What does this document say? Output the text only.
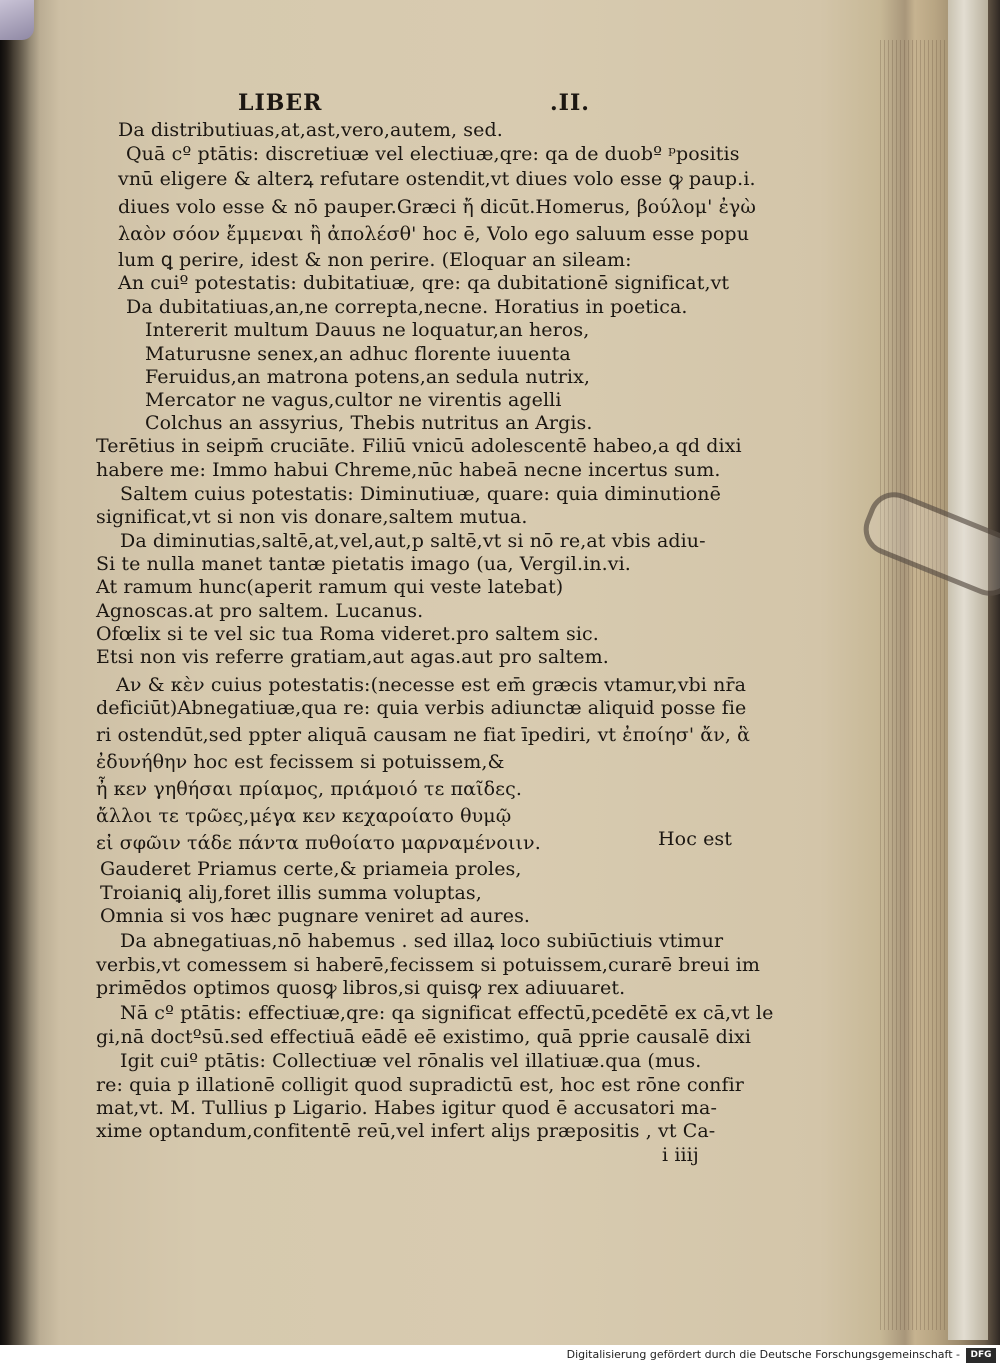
LIBER	.II.
Da distributiuas,at,ast,vero,autem, sed.
Quā cº ptātis: discretiuæ vel electiuæ,qre: qa de duobº ᵖpositis
vnū eligere & alterꝝ refutare ostendit,vt diues volo esse ꝙ paup.i.
diues volo esse & nō pauper.Græci ἤ dicūt.Homerus, βούλομ' ἐγὼ
λαὸν σόον ἔμμεναι ἢ ἀπολέσθ' hoc ē, Volo ego saluum esse popu
lum ꝗ perire, idest & non perire. (Eloquar an sileam:
An cuiº potestatis: dubitatiuæ, qre: qa dubitationē significat,vt
Da dubitatiuas,an,ne correpta,necne. Horatius in poetica.
Intererit multum Dauus ne loquatur,an heros,
Maturusne senex,an adhuc florente iuuenta
Feruidus,an matrona potens,an sedula nutrix,
Mercator ne vagus,cultor ne virentis agelli
Colchus an assyrius, Thebis nutritus an Argis.
Terētius in seipm̄ cruciāte. Filiū vnicū adolescentē habeo,a qd dixi
habere me: Immo habui Chreme,nūc habeā necne incertus sum.
Saltem cuius potestatis: Diminutiuæ, quare: quia diminutionē
significat,vt si non vis donare,saltem mutua.
Da diminutias,saltē,at,vel,aut,p saltē,vt si nō re,at vbis adiu-
Si te nulla manet tantæ pietatis imago (ua, Vergil.in.vi.
At ramum hunc(aperit ramum qui veste latebat)
Agnoscas.at pro saltem. Lucanus.
Ofœlix si te vel sic tua Roma videret.pro saltem sic.
Etsi non vis referre gratiam,aut agas.aut pro saltem.
Αν & κὲν cuius potestatis:(necesse est em̄ græcis vtamur,vbi nr̄a
deficiūt)Abnegatiuæ,qua re: quia verbis adiunctæ aliquid posse fie
ri ostendūt,sed ppter aliquā causam ne fiat īpediri, vt ἐποίησ' ἄν, ἃ
ἐδυνήθην hoc est fecissem si potuissem,&
ἦ κεν γηθήσαι πρίαμος, πριάμοιό τε παῖδες.
ἄλλοι τε τρῶες,μέγα κεν κεχαροίατο θυμῷ
εἰ σφῶιν τάδε πάντα πυθοίατο μαρναμένοιιν.	Hoc est
Gauderet Priamus certe,& priameia proles,
Troianiꝗ aliȷ,foret illis summa voluptas,
Omnia si vos hæc pugnare veniret ad aures.
Da abnegatiuas,nō habemus . sed illaꝝ loco subiūctiuis vtimur
verbis,vt comessem si haberē,fecissem si potuissem,curarē breui im
primēdos optimos quosꝙ libros,si quisꝙ rex adiuuaret.
Nā cº ptātis: effectiuæ,qre: qa significat effectū,pcedētē ex cā,vt le
gi,nā doctºsū.sed effectiuā eādē eē existimo, quā pprie causalē dixi
Igit cuiº ptātis: Collectiuæ vel rōnalis vel illatiuæ.qua (mus.
re: quia p illationē colligit quod supradictū est, hoc est rōne confir
mat,vt. M. Tullius p Ligario. Habes igitur quod ē accusatori ma-
xime optandum,confitentē reū,vel infert aliȷs præpositis , vt Ca-
i iiij
Digitalisierung gefördert durch die Deutsche Forschungsgemeinschaft -	DFG
